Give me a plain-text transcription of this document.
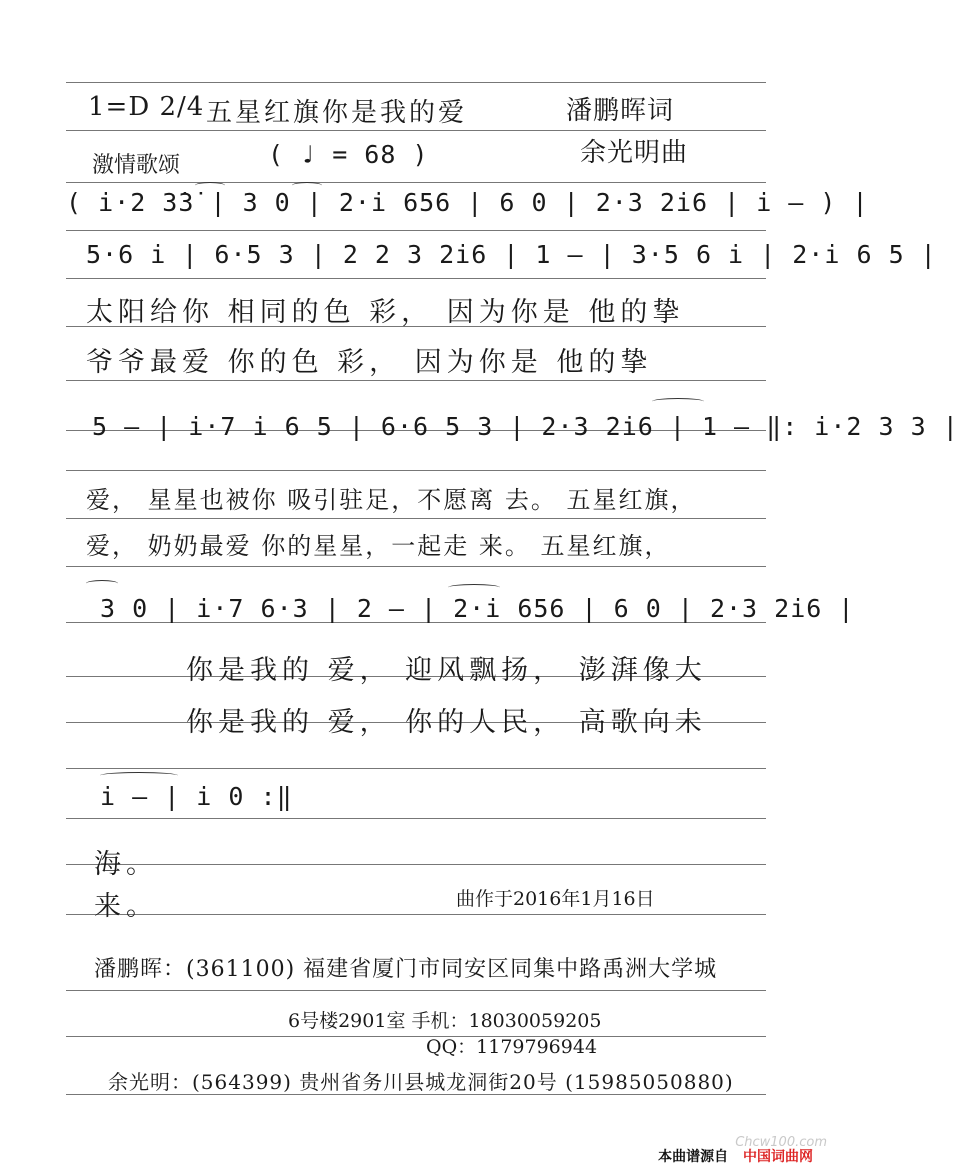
1=D 2/4 五星红旗你是我的爱	潘鹏晖词
余光明曲
激情歌颂	( ♩ = 68 )
( i·2 3̇3̇ | 3 0 | 2·i 656 | 6 0 | 2·3 2i6 | i — ) |
5·6 i | 6·5 3 | 2 2 3 2i6 | 1 — | 3·5 6 i | 2·i 6 5 |
太阳给你 相同的色 彩， 因为你是 他的挚
爷爷最爱 你的色 彩， 因为你是 他的挚
5 — | i·7 i 6 5 | 6·6 5 3 | 2·3 2i6 | 1 — ‖: i·2 3 3 |
爱， 星星也被你 吸引驻足，不愿离 去。 五星红旗，
爱， 奶奶最爱 你的星星，一起走 来。 五星红旗，
3 0 | i·7 6·3 | 2 — | 2·i 656 | 6 0 | 2·3 2i6 |
你是我的 爱， 迎风飘扬， 澎湃像大
你是我的 爱， 你的人民， 高歌向未
i — | i 0 :‖
海。
来。	曲作于2016年1月16日
潘鹏晖：(361100) 福建省厦门市同安区同集中路禹洲大学城
6号楼2901室 手机：18030059205
QQ：1179796944
余光明：(564399) 贵州省务川县城龙洞街20号 (15985050880)
Chcw100.com
本曲谱源自 中国词曲网
